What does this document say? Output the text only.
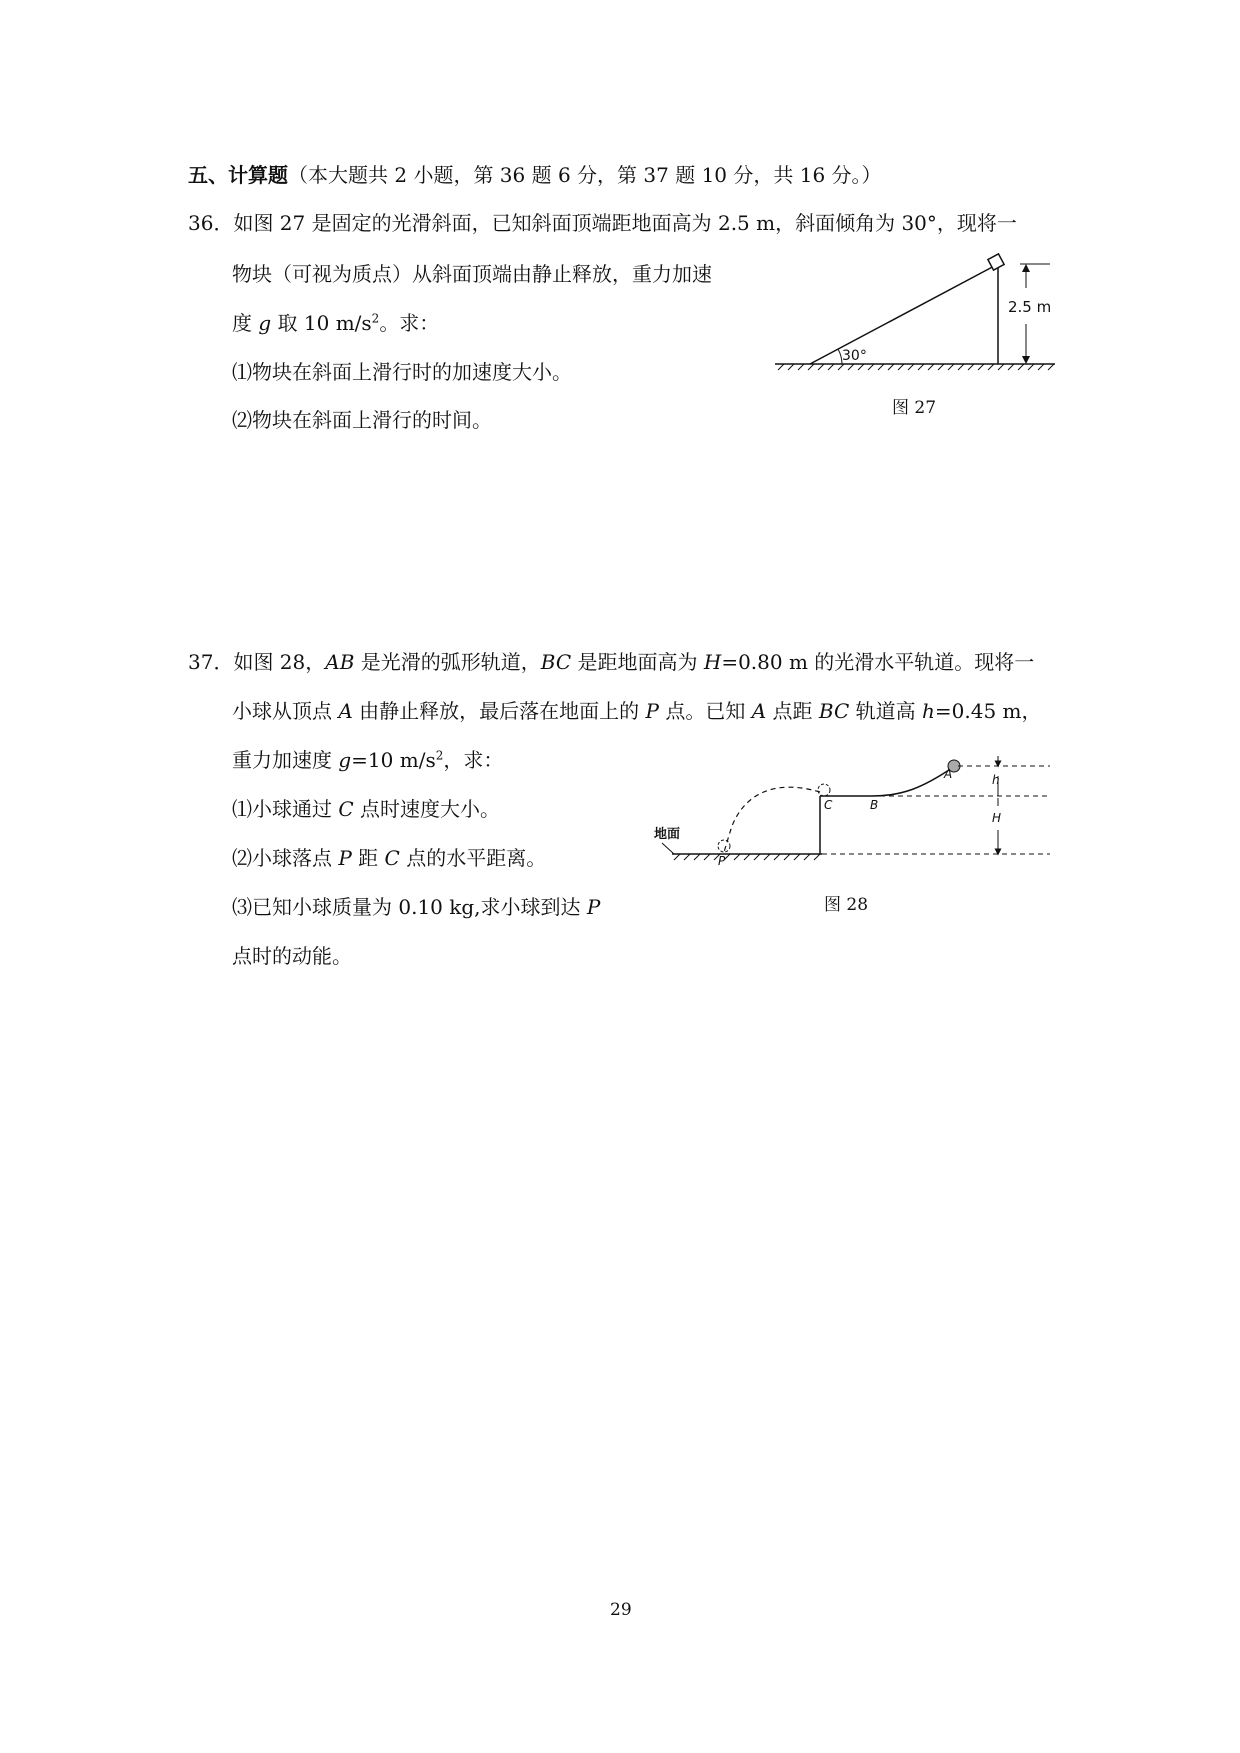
五、计算题（本大题共 2 小题，第 36 题 6 分，第 37 题 10 分，共 16 分。）
36．如图 27 是固定的光滑斜面，已知斜面顶端距地面高为 2.5 m，斜面倾角为 30°，现将一
物块（可视为质点）从斜面顶端由静止释放，重力加速
度 g 取 10 $m/s^2$。求：
⑴物块在斜面上滑行时的加速度大小。
⑵物块在斜面上滑行的时间。
30°
2.5 m
图 27
37．如图 28，AB 是光滑的弧形轨道，BC 是距地面高为 H=0.80 m 的光滑水平轨道。现将一
小球从顶点 A 由静止释放，最后落在地面上的 P 点。已知 A 点距 BC 轨道高 h=0.45 m，
重力加速度 g=10 $m/s^2$，求：
⑴小球通过 C 点时速度大小。
⑵小球落点 P 距 C 点的水平距离。
⑶已知小球质量为 0.10 kg,求小球到达 P
点时的动能。
地面
C	B
A
P
h
H
图 28
29
